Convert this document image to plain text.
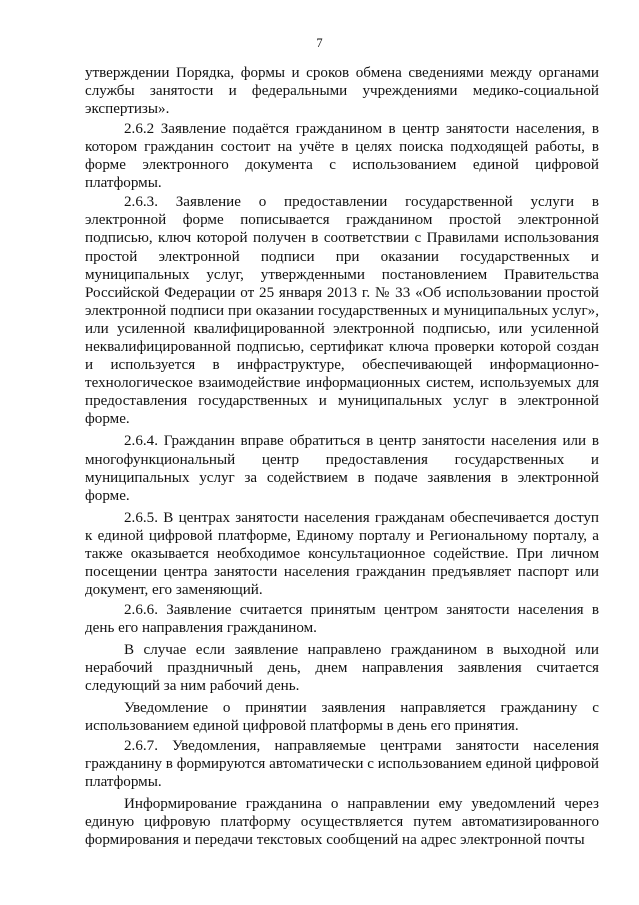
7

утверждении Порядка, формы и сроков обмена сведениями между органами службы занятости и федеральными учреждениями медико-социальной экспертизы».

2.6.2 Заявление подаётся гражданином в центр занятости населения, в котором гражданин состоит на учёте в целях поиска подходящей работы, в форме электронного документа с использованием единой цифровой платформы.

2.6.3. Заявление о предоставлении государственной услуги в электронной форме пописывается гражданином простой электронной подписью, ключ которой получен в соответствии с Правилами использования простой электронной подписи при оказании государственных и муниципальных услуг, утвержденными постановлением Правительства Российской Федерации от 25 января 2013 г. № 33 «Об использовании простой электронной подписи при оказании государственных и муниципальных услуг», или усиленной квалифицированной электронной подписью, или усиленной неквалифицированной подписью, сертификат ключа проверки которой создан и используется в инфраструктуре, обеспечивающей информационно-технологическое взаимодействие информационных систем, используемых для предоставления государственных и муниципальных услуг в электронной форме.

2.6.4. Гражданин вправе обратиться в центр занятости населения или в многофункциональный центр предоставления государственных и муниципальных услуг за содействием в подаче заявления в электронной форме.

2.6.5. В центрах занятости населения гражданам обеспечивается доступ к единой цифровой платформе, Единому порталу и Региональному порталу, а также оказывается необходимое консультационное содействие. При личном посещении центра занятости населения гражданин предъявляет паспорт или документ, его заменяющий.

2.6.6. Заявление считается принятым центром занятости населения в день его направления гражданином.

В случае если заявление направлено гражданином в выходной или нерабочий праздничный день, днем направления заявления считается следующий за ним рабочий день.

Уведомление о принятии заявления направляется гражданину с использованием единой цифровой платформы в день его принятия.

2.6.7. Уведомления, направляемые центрами занятости населения гражданину в формируются автоматически с использованием единой цифровой платформы.

Информирование гражданина о направлении ему уведомлений через единую цифровую платформу осуществляется путем автоматизированного формирования и передачи текстовых сообщений на адрес электронной почты
